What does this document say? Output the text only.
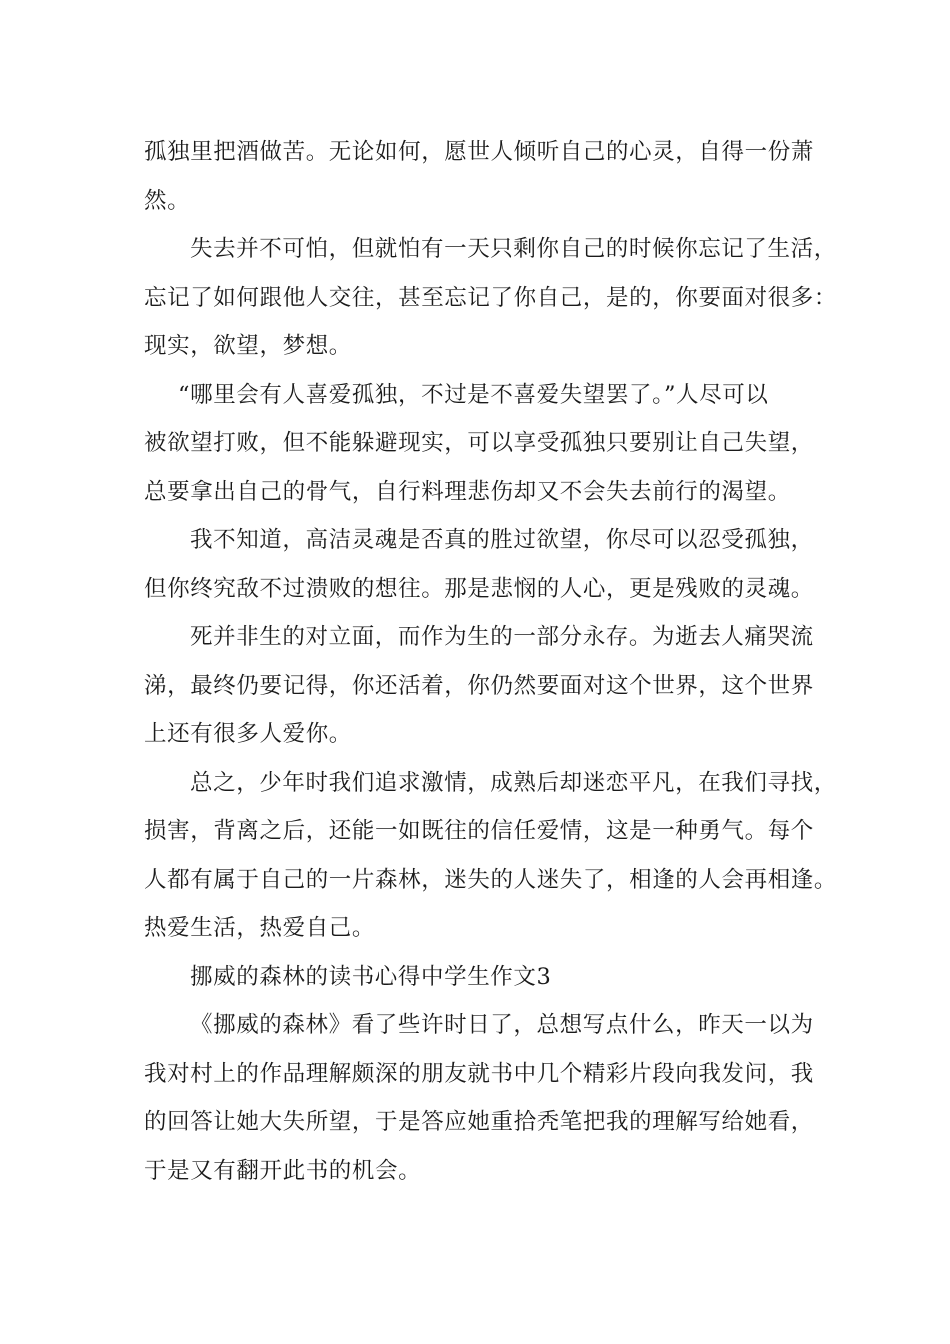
孤独里把酒做苦。无论如何，愿世人倾听自己的心灵，自得一份萧
然。
失去并不可怕，但就怕有一天只剩你自己的时候你忘记了生活，
忘记了如何跟他人交往，甚至忘记了你自己，是的，你要面对很多：
现实，欲望，梦想。
“哪里会有人喜爱孤独，不过是不喜爱失望罢了。”人尽可以
被欲望打败，但不能躲避现实，可以享受孤独只要别让自己失望，
总要拿出自己的骨气，自行料理悲伤却又不会失去前行的渴望。
我不知道，高洁灵魂是否真的胜过欲望，你尽可以忍受孤独，
但你终究敌不过溃败的想往。那是悲悯的人心，更是残败的灵魂。
死并非生的对立面，而作为生的一部分永存。为逝去人痛哭流
涕，最终仍要记得，你还活着，你仍然要面对这个世界，这个世界
上还有很多人爱你。
总之，少年时我们追求激情，成熟后却迷恋平凡，在我们寻找，
损害，背离之后，还能一如既往的信任爱情，这是一种勇气。每个
人都有属于自己的一片森林，迷失的人迷失了，相逢的人会再相逢。
热爱生活，热爱自己。
挪威的森林的读书心得中学生作文3
《挪威的森林》看了些许时日了，总想写点什么，昨天一以为
我对村上的作品理解颇深的朋友就书中几个精彩片段向我发问，我
的回答让她大失所望，于是答应她重拾秃笔把我的理解写给她看，
于是又有翻开此书的机会。
